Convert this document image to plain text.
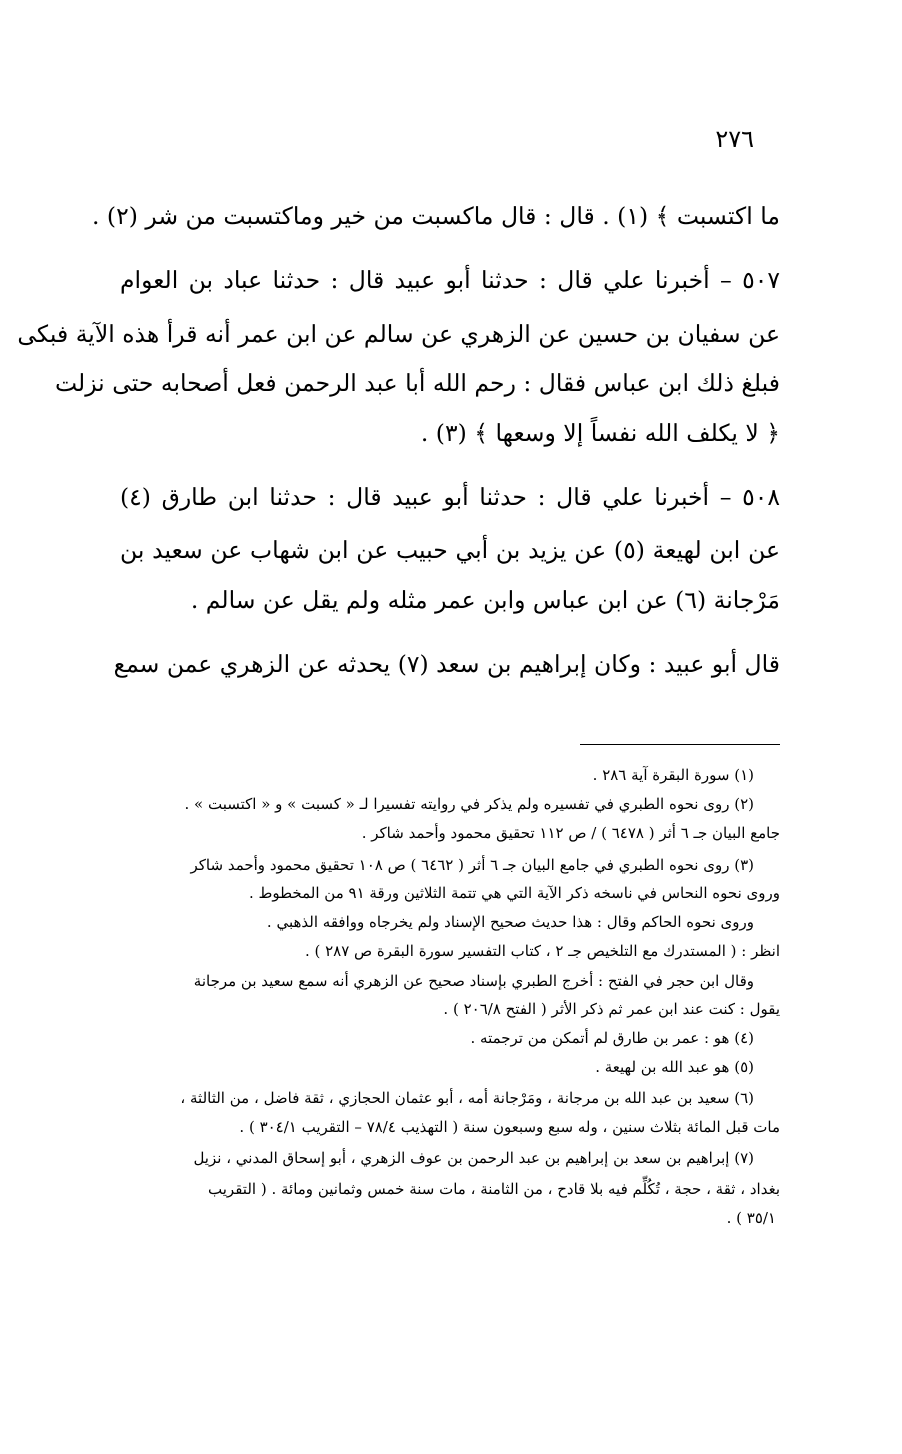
٢٧٦
ما اكتسبت ﴾ (١) . قال : قال ماكسبت من خير وماكتسبت من شر (٢) .
٥٠٧ – أخبرنا علي قال : حدثنا أبو عبيد قال : حدثنا عباد بن العوام
عن سفيان بن حسين عن الزهري عن سالم عن ابن عمر أنه قرأ هذه الآية فبكى
فبلغ ذلك ابن عباس فقال : رحم الله أبا عبد الرحمن فعل أصحابه حتى نزلت
﴿ لا يكلف الله نفساً إلا وسعها ﴾ (٣) .
٥٠٨ – أخبرنا علي قال : حدثنا أبو عبيد قال : حدثنا ابن طارق (٤)
عن ابن لهيعة (٥) عن يزيد بن أبي حبيب عن ابن شهاب عن سعيد بن
مَرْجانة (٦) عن ابن عباس وابن عمر مثله ولم يقل عن سالم .
قال أبو عبيد : وكان إبراهيم بن سعد (٧) يحدثه عن الزهري عمن سمع
(١) سورة البقرة آية ٢٨٦ .
(٢) روى نحوه الطبري في تفسيره ولم يذكر في روايته تفسيرا لـ « كسبت » و « اكتسبت » .
جامع البيان جـ ٦ أثر ( ٦٤٧٨ ) / ص ١١٢ تحقيق محمود وأحمد شاكر .
(٣) روى نحوه الطبري في جامع البيان جـ ٦ أثر ( ٦٤٦٢ ) ص ١٠٨ تحقيق محمود وأحمد شاكر
وروى نحوه النحاس في ناسخه ذكر الآية التي هي تتمة الثلاثين ورقة ٩١ من المخطوط .
وروى نحوه الحاكم وقال : هذا حديث صحيح الإسناد ولم يخرجاه ووافقه الذهبي .
انظر : ( المستدرك مع التلخيص جـ ٢ ، كتاب التفسير سورة البقرة ص ٢٨٧ ) .
وقال ابن حجر في الفتح : أخرج الطبري بإسناد صحيح عن الزهري أنه سمع سعيد بن مرجانة
يقول : كنت عند ابن عمر ثم ذكر الأثر ( الفتح ٢٠٦/٨ ) .
(٤) هو : عمر بن طارق لم أتمكن من ترجمته .
(٥) هو عبد الله بن لهيعة .
(٦) سعيد بن عبد الله بن مرجانة ، ومَرْجانة أمه ، أبو عثمان الحجازي ، ثقة فاضل ، من الثالثة ،
مات قبل المائة بثلاث سنين ، وله سبع وسبعون سنة ( التهذيب ٧٨/٤ – التقريب ٣٠٤/١ ) .
(٧) إبراهيم بن سعد بن إبراهيم بن عبد الرحمن بن عوف الزهري ، أبو إسحاق المدني ، نزيل
بغداد ، ثقة ، حجة ، تُكُلِّم فيه بلا قادح ، من الثامنة ، مات سنة خمس وثمانين ومائة . ( التقريب
٣٥/١ ) .
